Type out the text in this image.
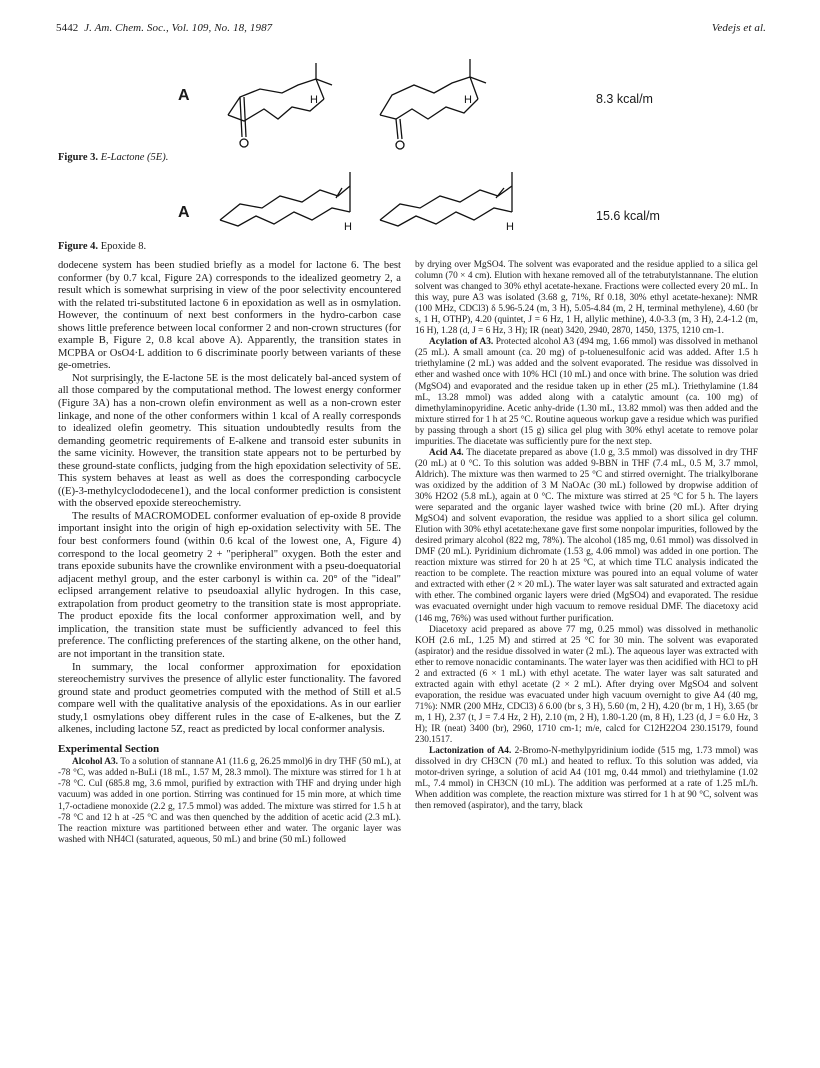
5442 J. Am. Chem. Soc., Vol. 109, No. 18, 1987	Vedejs et al.
A	H	H	8.3 kcal/m
Figure 3. E-Lactone (5E).
A
H	H
15.6 kcal/m
Figure 4. Epoxide 8.

dodecene system has been studied briefly as a model for lactone 6. The best conformer (by 0.7 kcal, Figure 2A) corresponds to the idealized geometry 2, a result which is somewhat surprising in view of the poor selectivity encountered with the related tri-substituted lactone 6 in epoxidation as well as in osmylation. However, the continuum of next best conformers in the hydro-carbon case shows little preference between local conformer 2 and non-crown structures (for example B, Figure 2, 0.8 kcal above A). Apparently, the transition states in MCPBA or OsO4·L addition to 6 discriminate poorly between variants of these ge-ometries.

Not surprisingly, the E-lactone 5E is the most delicately bal-anced system of all those compared by the computational method. The lowest energy conformer (Figure 3A) has a non-crown olefin environment as well as a non-crown ester linkage, and none of the other conformers within 1 kcal of A really corresponds to idealized olefin geometry. This situation undoubtedly results from the demanding geometric requirements of E-alkene and transoid ester subunits in the same vicinity. However, the transition state appears not to be perturbed by these ground-state conflicts, judging from the high epoxidation selectivity of 5E. This system behaves at least as well as does the corresponding carbocycle ((E)-3-methylcyclododecene1), and the local conformer prediction is consistent with the observed epoxide stereochemistry.

The results of MACROMODEL conformer evaluation of ep-oxide 8 provide important insight into the origin of high ep-oxidation selectivity with 5E. The four best conformers found (within 0.6 kcal of the lowest one, A, Figure 4) correspond to the local geometry 2 + "peripheral" oxygen. Both the ester and trans epoxide subunits have the crownlike environment with a pseu-doequatorial adjacent methyl group, and the ester carbonyl is within ca. 20° of the "ideal" eclipsed arrangement relative to pseudoaxial allylic hydrogen. In this case, extrapolation from product geometry to the transition state is most appropriate. The product epoxide fits the local conformer approximation well, and by implication, the transition state must be sufficiently advanced to feel this preference. The conflicting preferences of the starting alkene, on the other hand, are not important in the transition state.

In summary, the local conformer approximation for epoxidation stereochemistry survives the presence of allylic ester functionality. The favored ground state and product geometries computed with the method of Still et al.5 compare well with the qualitative analysis of the epoxidations. As in our earlier study,1 osmylations obey different rules in the case of E-alkenes, but the Z alkenes, including lactone 5Z, react as predicted by local conformer analysis.

Experimental Section

Alcohol A3. To a solution of stannane A1 (11.6 g, 26.25 mmol)6 in dry THF (50 mL), at -78 °C, was added n-BuLi (18 mL, 1.57 M, 28.3 mmol). The mixture was stirred for 1 h at -78 °C. CuI (685.8 mg, 3.6 mmol, purified by extraction with THF and drying under high vacuum) was added in one portion. Stirring was continued for 15 min more, at which time 1,7-octadiene monoxide (2.2 g, 17.5 mmol) was added. The mixture was stirred for 1.5 h at -78 °C and 12 h at -25 °C and was then quenched by the addition of acetic acid (2.3 mL). The reaction mixture was partitioned between ether and water. The organic layer was washed with NH4Cl (saturated, aqueous, 50 mL) and brine (50 mL) followed

by drying over MgSO4. The solvent was evaporated and the residue applied to a silica gel column (70 × 4 cm). Elution with hexane removed all of the tetrabutylstannane. The elution solvent was changed to 30% ethyl acetate-hexane. Fractions were collected every 20 mL. In this way, pure A3 was isolated (3.68 g, 71%, Rf 0.18, 30% ethyl acetate-hexane): NMR (100 MHz, CDCl3) δ 5.96-5.24 (m, 3 H), 5.05-4.84 (m, 2 H, terminal methylene), 4.60 (br s, 1 H, OTHP), 4.20 (quintet, J = 6 Hz, 1 H, allylic methine), 4.0-3.3 (m, 3 H), 2.4-1.2 (m, 16 H), 1.28 (d, J = 6 Hz, 3 H); IR (neat) 3420, 2940, 2870, 1450, 1375, 1210 cm-1.

Acylation of A3. Protected alcohol A3 (494 mg, 1.66 mmol) was dissolved in methanol (25 mL). A small amount (ca. 20 mg) of p-toluenesulfonic acid was added. After 1.5 h triethylamine (2 mL) was added and the solvent evaporated. The residue was dissolved in ether and washed once with 10% HCl (10 mL) and once with brine. The solution was dried (MgSO4) and evaporated and the residue taken up in ether (25 mL). Triethylamine (1.84 mL, 13.28 mmol) was added along with a catalytic amount (ca. 100 mg) of dimethylaminopyridine. Acetic anhy-dride (1.30 mL, 13.82 mmol) was then added and the mixture stirred for 1 h at 25 °C. Routine aqueous workup gave a residue which was purified by passing through a short (15 g) silica gel plug with 30% ethyl acetate to remove polar impurities. The diacetate was sufficiently pure for the next step.

Acid A4. The diacetate prepared as above (1.0 g, 3.5 mmol) was dissolved in dry THF (20 mL) at 0 °C. To this solution was added 9-BBN in THF (7.4 mL, 0.5 M, 3.7 mmol, Aldrich). The mixture was then warmed to 25 °C and stirred overnight. The trialkylborane was oxidized by the addition of 3 M NaOAc (30 mL) followed by dropwise addition of 30% H2O2 (5.8 mL), again at 0 °C. The mixture was stirred at 25 °C for 5 h. The layers were separated and the organic layer washed twice with brine (20 mL). After drying MgSO4) and solvent evaporation, the residue was applied to a short silica gel column. Elution with 30% ethyl acetate:hexane gave first some nonpolar impurities, followed by the desired primary alcohol (822 mg, 78%). The alcohol (185 mg, 0.61 mmol) was dissolved in DMF (20 mL). Pyridinium dichromate (1.53 g, 4.06 mmol) was added in one portion. The reaction mixture was stirred for 20 h at 25 °C, at which time TLC analysis indicated the reaction to be complete. The reaction mixture was poured into an equal volume of water and extracted with ether (2 × 20 mL). The water layer was salt saturated and extracted again with ether. The combined organic layers were dried (MgSO4) and evaporated. The residue was evacuated overnight under high vacuum to remove residual DMF. The diacetoxy acid (146 mg, 76%) was used without further purification.

Diacetoxy acid prepared as above 77 mg, 0.25 mmol) was dissolved in methanolic KOH (2.6 mL, 1.25 M) and stirred at 25 °C for 30 min. The solvent was evaporated (aspirator) and the residue dissolved in water (2 mL). The aqueous layer was extracted with ether to remove nonacidic contaminants. The water layer was then acidified with HCl to pH 2 and extracted (6 × 1 mL) with ethyl acetate. The water layer was salt saturated and extracted again with ethyl acetate (2 × 2 mL). After drying over MgSO4 and solvent evaporation, the residue was evacuated under high vacuum overnight to give A4 (40 mg, 71%): NMR (200 MHz, CDCl3) δ 6.00 (br s, 3 H), 5.60 (m, 2 H), 4.20 (br m, 1 H), 3.65 (br m, 1 H), 2.37 (t, J = 7.4 Hz, 2 H), 2.10 (m, 2 H), 1.80-1.20 (m, 8 H), 1.23 (d, J = 6.0 Hz, 3 H); IR (neat) 3400 (br), 2960, 1710 cm-1; m/e, calcd for C12H22O4 230.15179, found 230.1517.

Lactonization of A4. 2-Bromo-N-methylpyridinium iodide (515 mg, 1.73 mmol) was dissolved in dry CH3CN (70 mL) and heated to reflux. To this solution was added, via motor-driven syringe, a solution of acid A4 (101 mg, 0.44 mmol) and triethylamine (1.02 mL, 7.4 mmol) in CH3CN (10 mL). The addition was performed at a rate of 1.25 mL/h. When addition was complete, the reaction mixture was stirred for 1 h at 90 °C, solvent was then removed (aspirator), and the tarry, black
